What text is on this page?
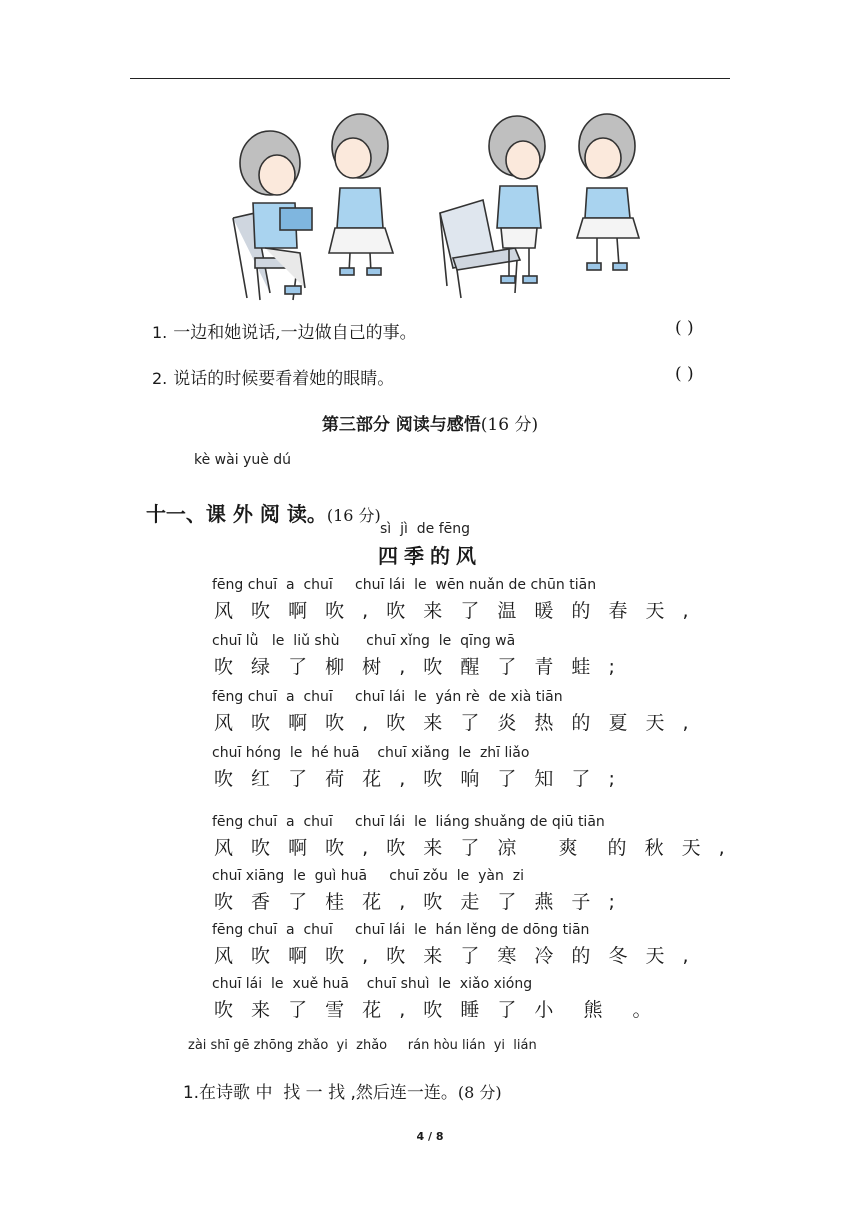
1. 一边和她说话,一边做自己的事。	( )
2. 说话的时候要看着她的眼睛。	( )
第三部分 阅读与感悟(16 分)
kè wài yuè dú

十一、课 外 阅 读。(16 分)

sì  jì  de fēng
四季的风
fēng chuī  a  chuī     chuī lái  le  wēn nuǎn de chūn tiān
风 吹 啊 吹 , 吹 来 了 温 暖 的 春 天 ,
chuī lǜ   le  liǔ shù      chuī xǐng  le  qīng wā
吹 绿 了 柳 树 , 吹 醒 了 青 蛙 ;
fēng chuī  a  chuī     chuī lái  le  yán rè  de xià tiān
风 吹 啊 吹 , 吹 来 了 炎 热 的 夏 天 ,
chuī hóng  le  hé huā    chuī xiǎng  le  zhī liǎo
吹 红 了 荷 花 , 吹 响 了 知 了 ;
fēng chuī  a  chuī     chuī lái  le  liáng shuǎng de qiū tiān
风 吹 啊 吹 , 吹 来 了 凉   爽  的 秋 天 ,
chuī xiāng  le  guì huā     chuī zǒu  le  yàn  zi
吹 香 了 桂 花 , 吹 走 了 燕 子 ;
fēng chuī  a  chuī     chuī lái  le  hán lěng de dōng tiān
风 吹 啊 吹 , 吹 来 了 寒 冷 的 冬 天 ,
chuī lái  le  xuě huā    chuī shuì  le  xiǎo xióng
吹 来 了 雪 花 , 吹 睡 了 小  熊  。
zài shī gē zhōng zhǎo  yi  zhǎo     rán hòu lián  yi  lián

1.在诗歌 中  找 一 找 ,然后连一连。(8 分)

4 / 8
